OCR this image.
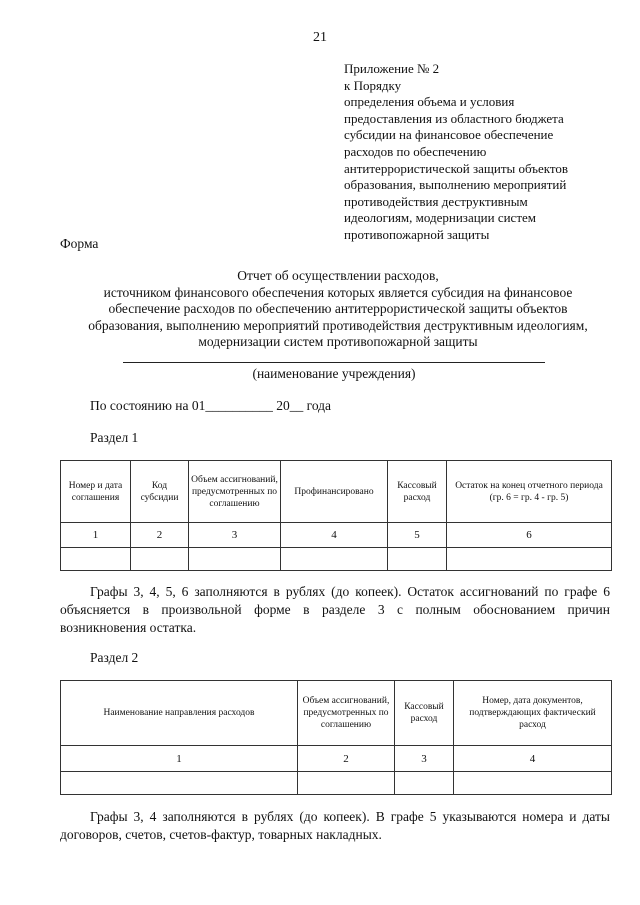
21
Приложение № 2
к Порядку
определения объема и условия
предоставления из областного бюджета
субсидии на финансовое обеспечение
расходов по обеспечению
антитеррористической защиты объектов
образования, выполнению мероприятий
противодействия деструктивным
идеологиям, модернизации систем
противопожарной защиты
Форма
Отчет об осуществлении расходов,
источником финансового обеспечения которых является субсидия на финансовое
обеспечение расходов по обеспечению антитеррористической защиты объектов
образования, выполнению мероприятий противодействия деструктивным идеологиям,
модернизации систем противопожарной защиты
(наименование учреждения)
По состоянию на 01__________ 20__ года
Раздел 1
Номер и дата соглашения	Код субсидии	Объем ассигнований, предусмотренных по соглашению	Профинансировано	Кассовый расход	Остаток на конец отчетного периода (гр. 6 = гр. 4 - гр. 5)
1	2	3	4	5	6

Графы 3, 4, 5, 6 заполняются в рублях (до копеек). Остаток ассигнований по графе 6
объясняется в произвольной форме в разделе 3 с полным обоснованием причин
возникновения остатка.
Раздел 2
Наименование направления расходов	Объем ассигнований, предусмотренных по соглашению	Кассовый расход	Номер, дата документов, подтверждающих фактический расход
1	2	3	4

Графы 3, 4 заполняются в рублях (до копеек). В графе 5 указываются номера и даты
договоров, счетов, счетов-фактур, товарных накладных.
